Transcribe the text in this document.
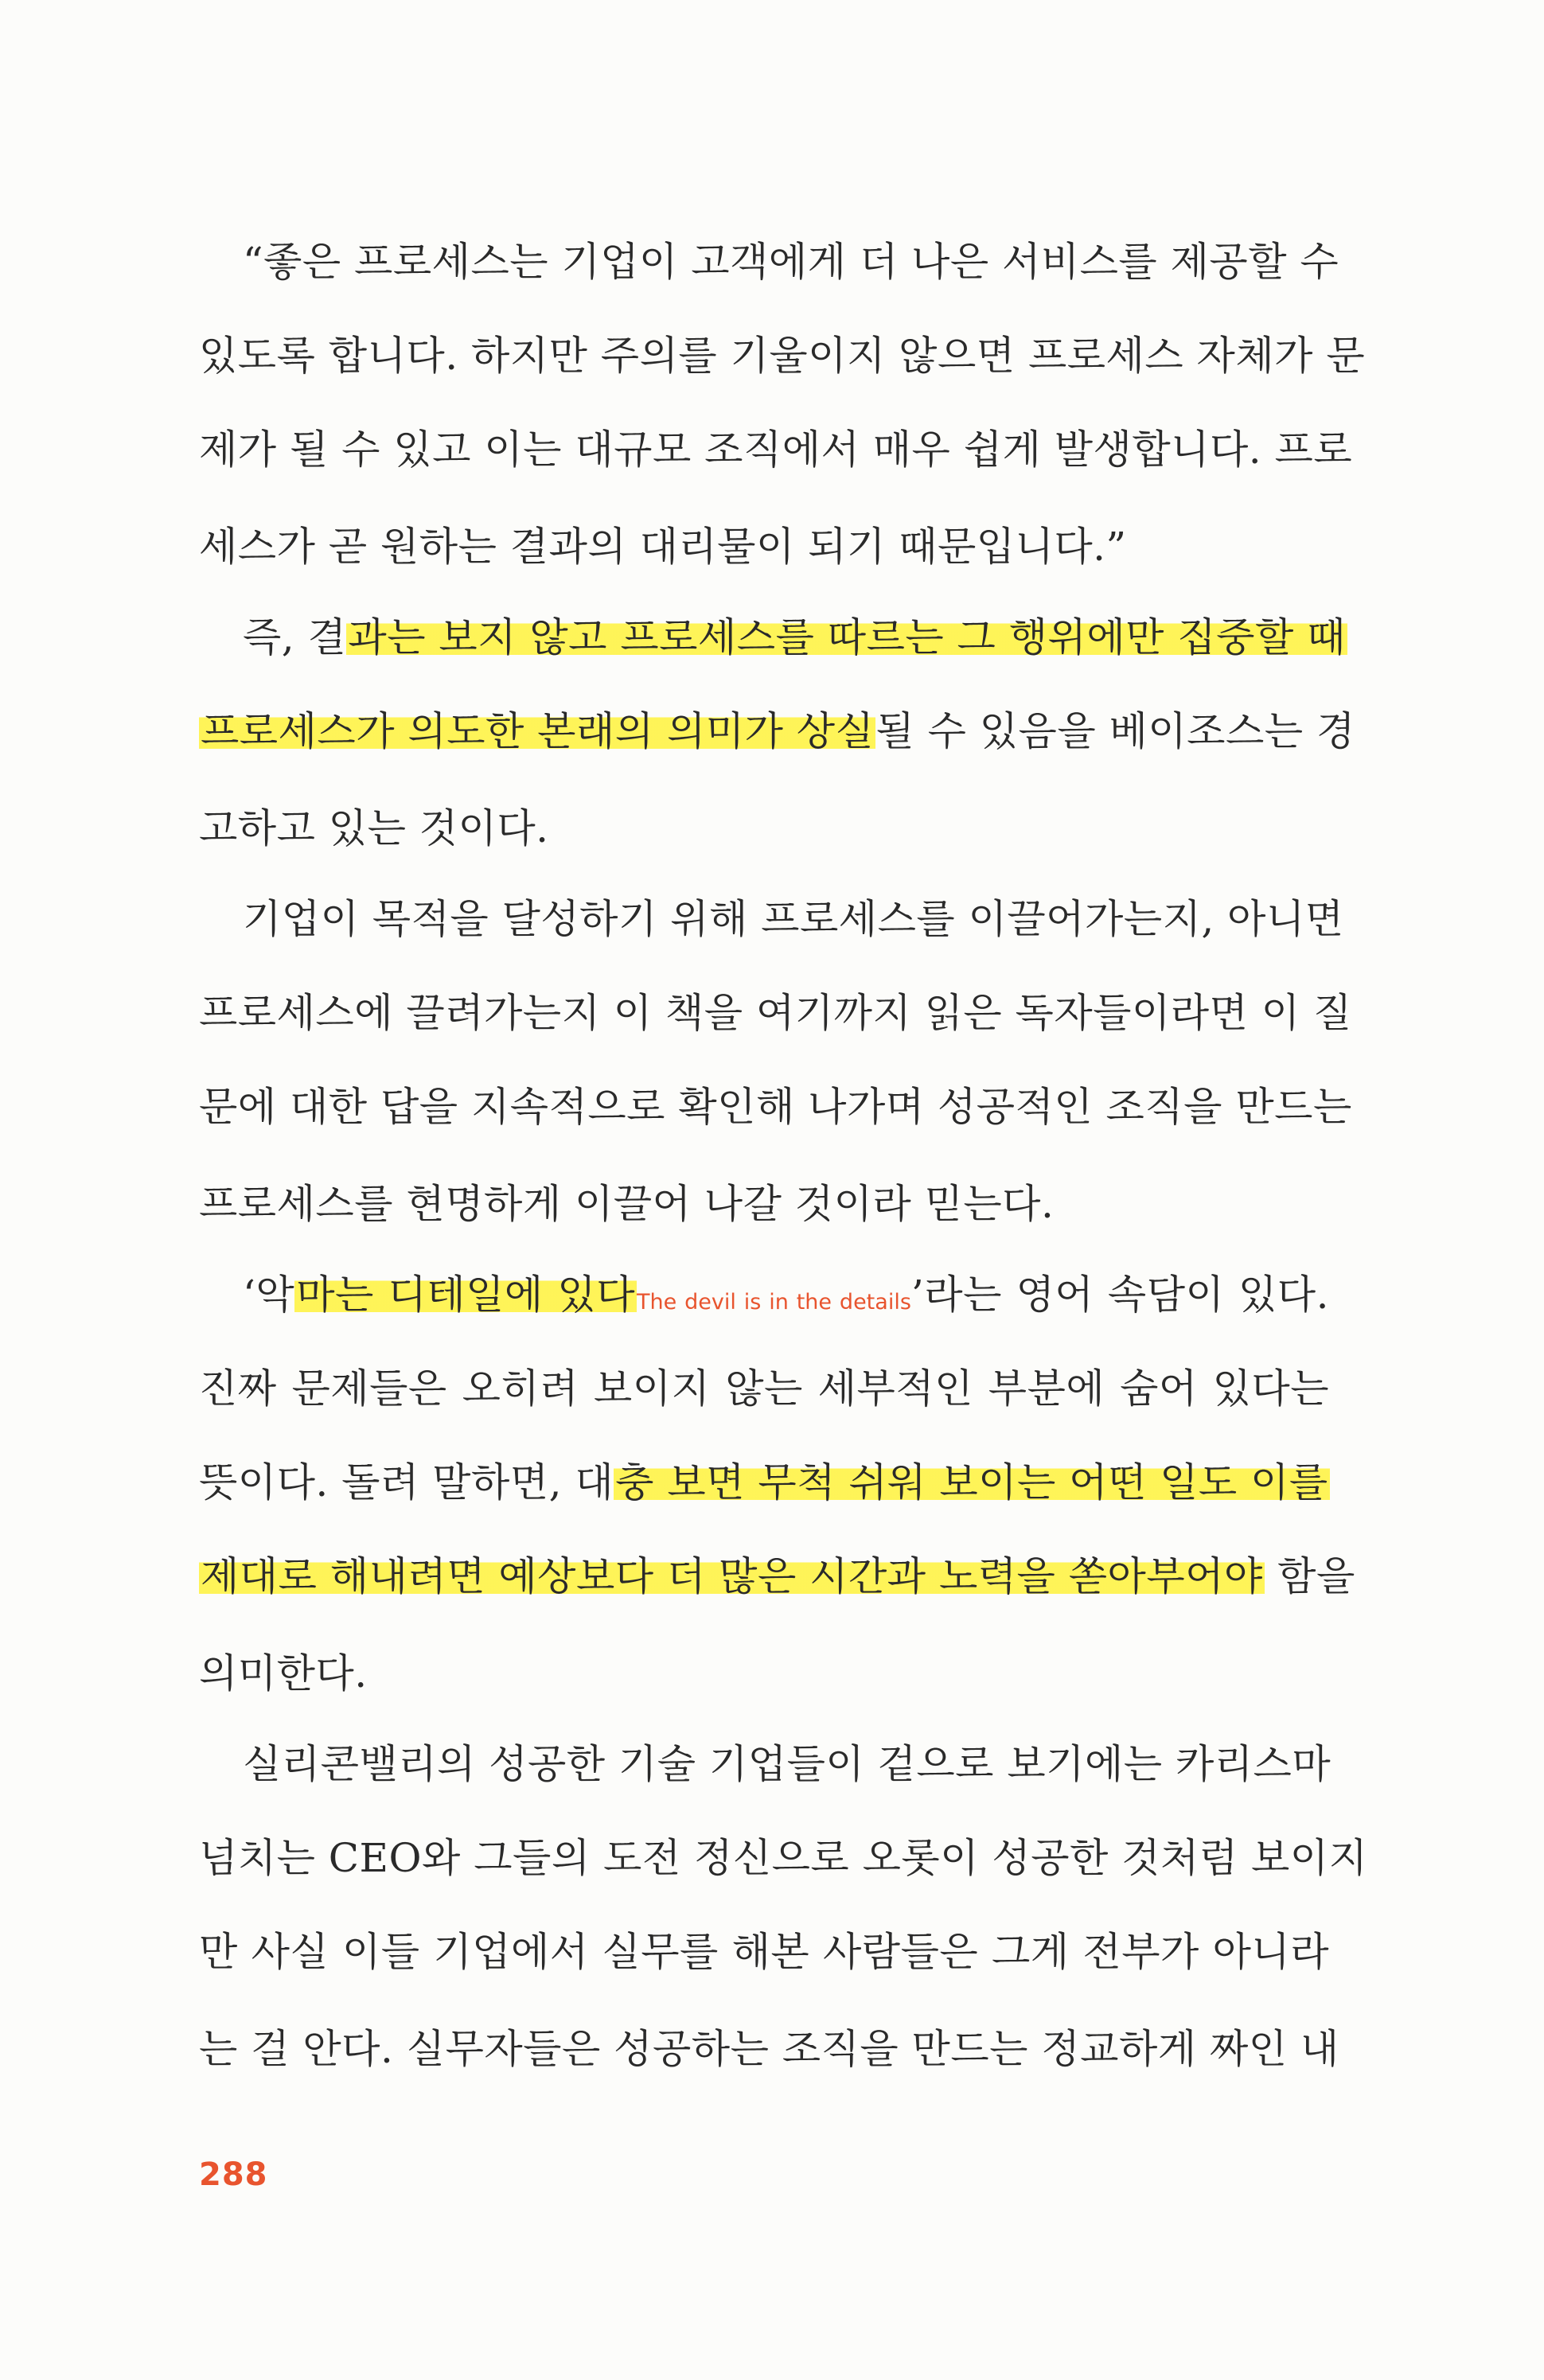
“좋은 프로세스는 기업이 고객에게 더 나은 서비스를 제공할 수
있도록 합니다. 하지만 주의를 기울이지 않으면 프로세스 자체가 문
제가 될 수 있고 이는 대규모 조직에서 매우 쉽게 발생합니다. 프로
세스가 곧 원하는 결과의 대리물이 되기 때문입니다.”
즉, 결과는 보지 않고 프로세스를 따르는 그 행위에만 집중할 때
프로세스가 의도한 본래의 의미가 상실될 수 있음을 베이조스는 경
고하고 있는 것이다.
기업이 목적을 달성하기 위해 프로세스를 이끌어가는지, 아니면
프로세스에 끌려가는지 이 책을 여기까지 읽은 독자들이라면 이 질
문에 대한 답을 지속적으로 확인해 나가며 성공적인 조직을 만드는
프로세스를 현명하게 이끌어 나갈 것이라 믿는다.
‘악마는 디테일에 있다The devil is in the details’라는 영어 속담이 있다.
진짜 문제들은 오히려 보이지 않는 세부적인 부분에 숨어 있다는
뜻이다. 돌려 말하면, 대충 보면 무척 쉬워 보이는 어떤 일도 이를
제대로 해내려면 예상보다 더 많은 시간과 노력을 쏟아부어야 함을
의미한다.
실리콘밸리의 성공한 기술 기업들이 겉으로 보기에는 카리스마
넘치는 CEO와 그들의 도전 정신으로 오롯이 성공한 것처럼 보이지
만 사실 이들 기업에서 실무를 해본 사람들은 그게 전부가 아니라
는 걸 안다. 실무자들은 성공하는 조직을 만드는 정교하게 짜인 내
288
